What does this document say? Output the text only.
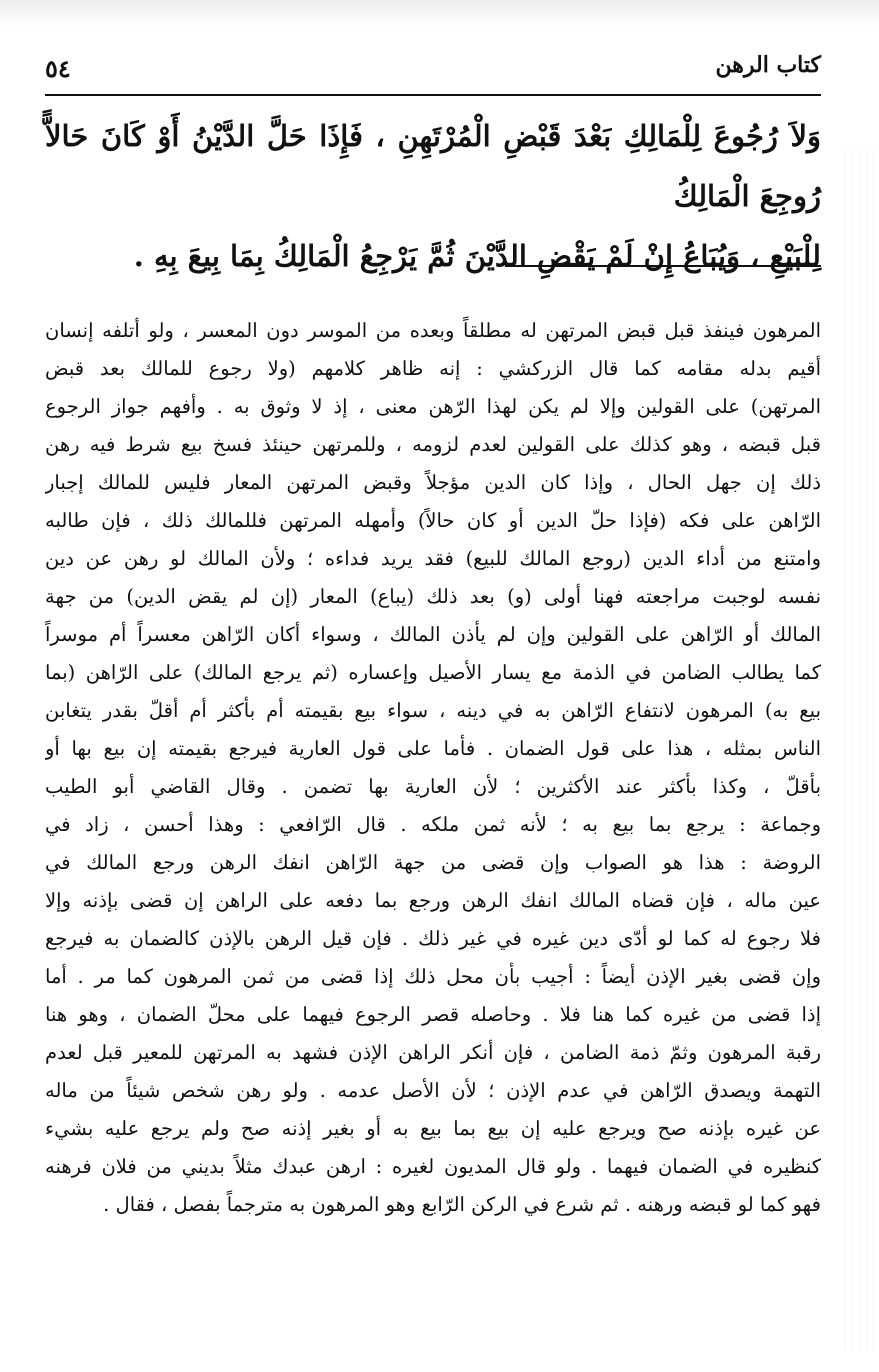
كتاب الرهن
٥٤
وَلاَ رُجُوعَ لِلْمَالِكِ بَعْدَ قَبْضِ الْمُرْتَهِنِ ، فَإِذَا حَلَّ الدَّيْنُ أَوْ كَانَ حَالاًّ رُوجِعَ الْمَالِكُ
لِلْبَيْعِ ، وَيُبَاعُ إِنْ لَمْ يَقْضِ الدَّيْنَ ثُمَّ يَرْجِعُ الْمَالِكُ بِمَا بِيعَ بِهِ .
المرهون فينفذ قبل قبض المرتهن له مطلقاً وبعده من الموسر دون المعسر ، ولو أتلفه إنسان
أقيم بدله مقامه كما قال الزركشي : إنه ظاهر كلامهم (ولا رجوع للمالك بعد قبض
المرتهن) على القولين وإلا لم يكن لهذا الرّهن معنى ، إذ لا وثوق به . وأفهم جواز الرجوع
قبل قبضه ، وهو كذلك على القولين لعدم لزومه ، وللمرتهن حينئذ فسخ بيع شرط فيه رهن
ذلك إن جهل الحال ، وإذا كان الدين مؤجلاً وقبض المرتهن المعار فليس للمالك إجبار
الرّاهن على فكه (فإذا حلّ الدين أو كان حالاً) وأمهله المرتهن فللمالك ذلك ، فإن طالبه
وامتنع من أداء الدين (روجع المالك للبيع) فقد يريد فداءه ؛ ولأن المالك لو رهن عن دين
نفسه لوجبت مراجعته فهنا أولى (و) بعد ذلك (يباع) المعار (إن لم يقض الدين) من جهة
المالك أو الرّاهن على القولين وإن لم يأذن المالك ، وسواء أكان الرّاهن معسراً أم موسراً
كما يطالب الضامن في الذمة مع يسار الأصيل وإعساره (ثم يرجع المالك) على الرّاهن (بما
بيع به) المرهون لانتفاع الرّاهن به في دينه ، سواء بيع بقيمته أم بأكثر أم أقلّ بقدر يتغابن
الناس بمثله ، هذا على قول الضمان . فأما على قول العارية فيرجع بقيمته إن بيع بها أو
بأقلّ ، وكذا بأكثر عند الأكثرين ؛ لأن العارية بها تضمن . وقال القاضي أبو الطيب
وجماعة : يرجع بما بيع به ؛ لأنه ثمن ملكه . قال الرّافعي : وهذا أحسن ، زاد في
الروضة : هذا هو الصواب وإن قضى من جهة الرّاهن انفك الرهن ورجع المالك في
عين ماله ، فإن قضاه المالك انفك الرهن ورجع بما دفعه على الراهن إن قضى بإذنه وإلا
فلا رجوع له كما لو أدّى دين غيره في غير ذلك . فإن قيل الرهن بالإذن كالضمان به فيرجع
وإن قضى بغير الإذن أيضاً : أجيب بأن محل ذلك إذا قضى من ثمن المرهون كما مر . أما
إذا قضى من غيره كما هنا فلا . وحاصله قصر الرجوع فيهما على محلّ الضمان ، وهو هنا
رقبة المرهون وثمّ ذمة الضامن ، فإن أنكر الراهن الإذن فشهد به المرتهن للمعير قبل لعدم
التهمة ويصدق الرّاهن في عدم الإذن ؛ لأن الأصل عدمه . ولو رهن شخص شيئاً من ماله
عن غيره بإذنه صح ويرجع عليه إن بيع بما بيع به أو بغير إذنه صح ولم يرجع عليه بشيء
كنظيره في الضمان فيهما . ولو قال المديون لغيره : ارهن عبدك مثلاً بديني من فلان فرهنه
فهو كما لو قبضه ورهنه . ثم شرع في الركن الرّابع وهو المرهون به مترجماً بفصل ، فقال .
